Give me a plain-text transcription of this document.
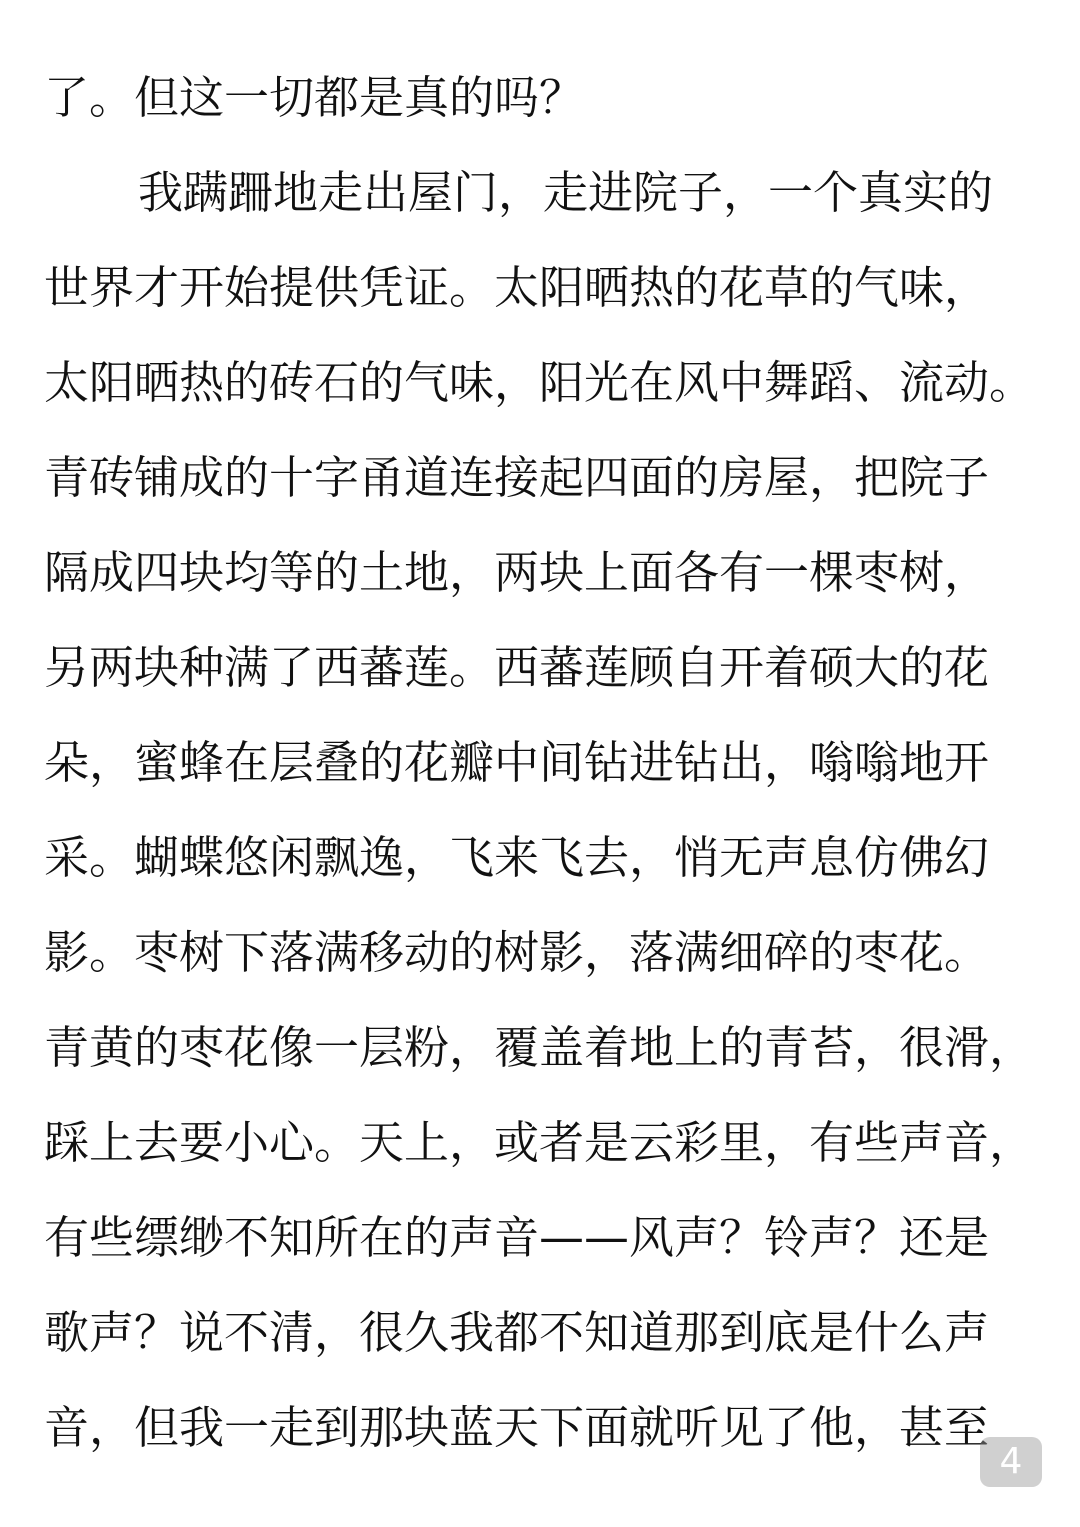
了。但这一切都是真的吗？
我蹒跚地走出屋门，走进院子，一个真实的
世界才开始提供凭证。太阳晒热的花草的气味，
太阳晒热的砖石的气味，阳光在风中舞蹈、流动。
青砖铺成的十字甬道连接起四面的房屋，把院子
隔成四块均等的土地，两块上面各有一棵枣树，
另两块种满了西蕃莲。西蕃莲顾自开着硕大的花
朵，蜜蜂在层叠的花瓣中间钻进钻出，嗡嗡地开
采。蝴蝶悠闲飘逸，飞来飞去，悄无声息仿佛幻
影。枣树下落满移动的树影，落满细碎的枣花。
青黄的枣花像一层粉，覆盖着地上的青苔，很滑，
踩上去要小心。天上，或者是云彩里，有些声音，
有些缥缈不知所在的声音——风声？铃声？还是
歌声？说不清，很久我都不知道那到底是什么声
音，但我一走到那块蓝天下面就听见了他，甚至
4
